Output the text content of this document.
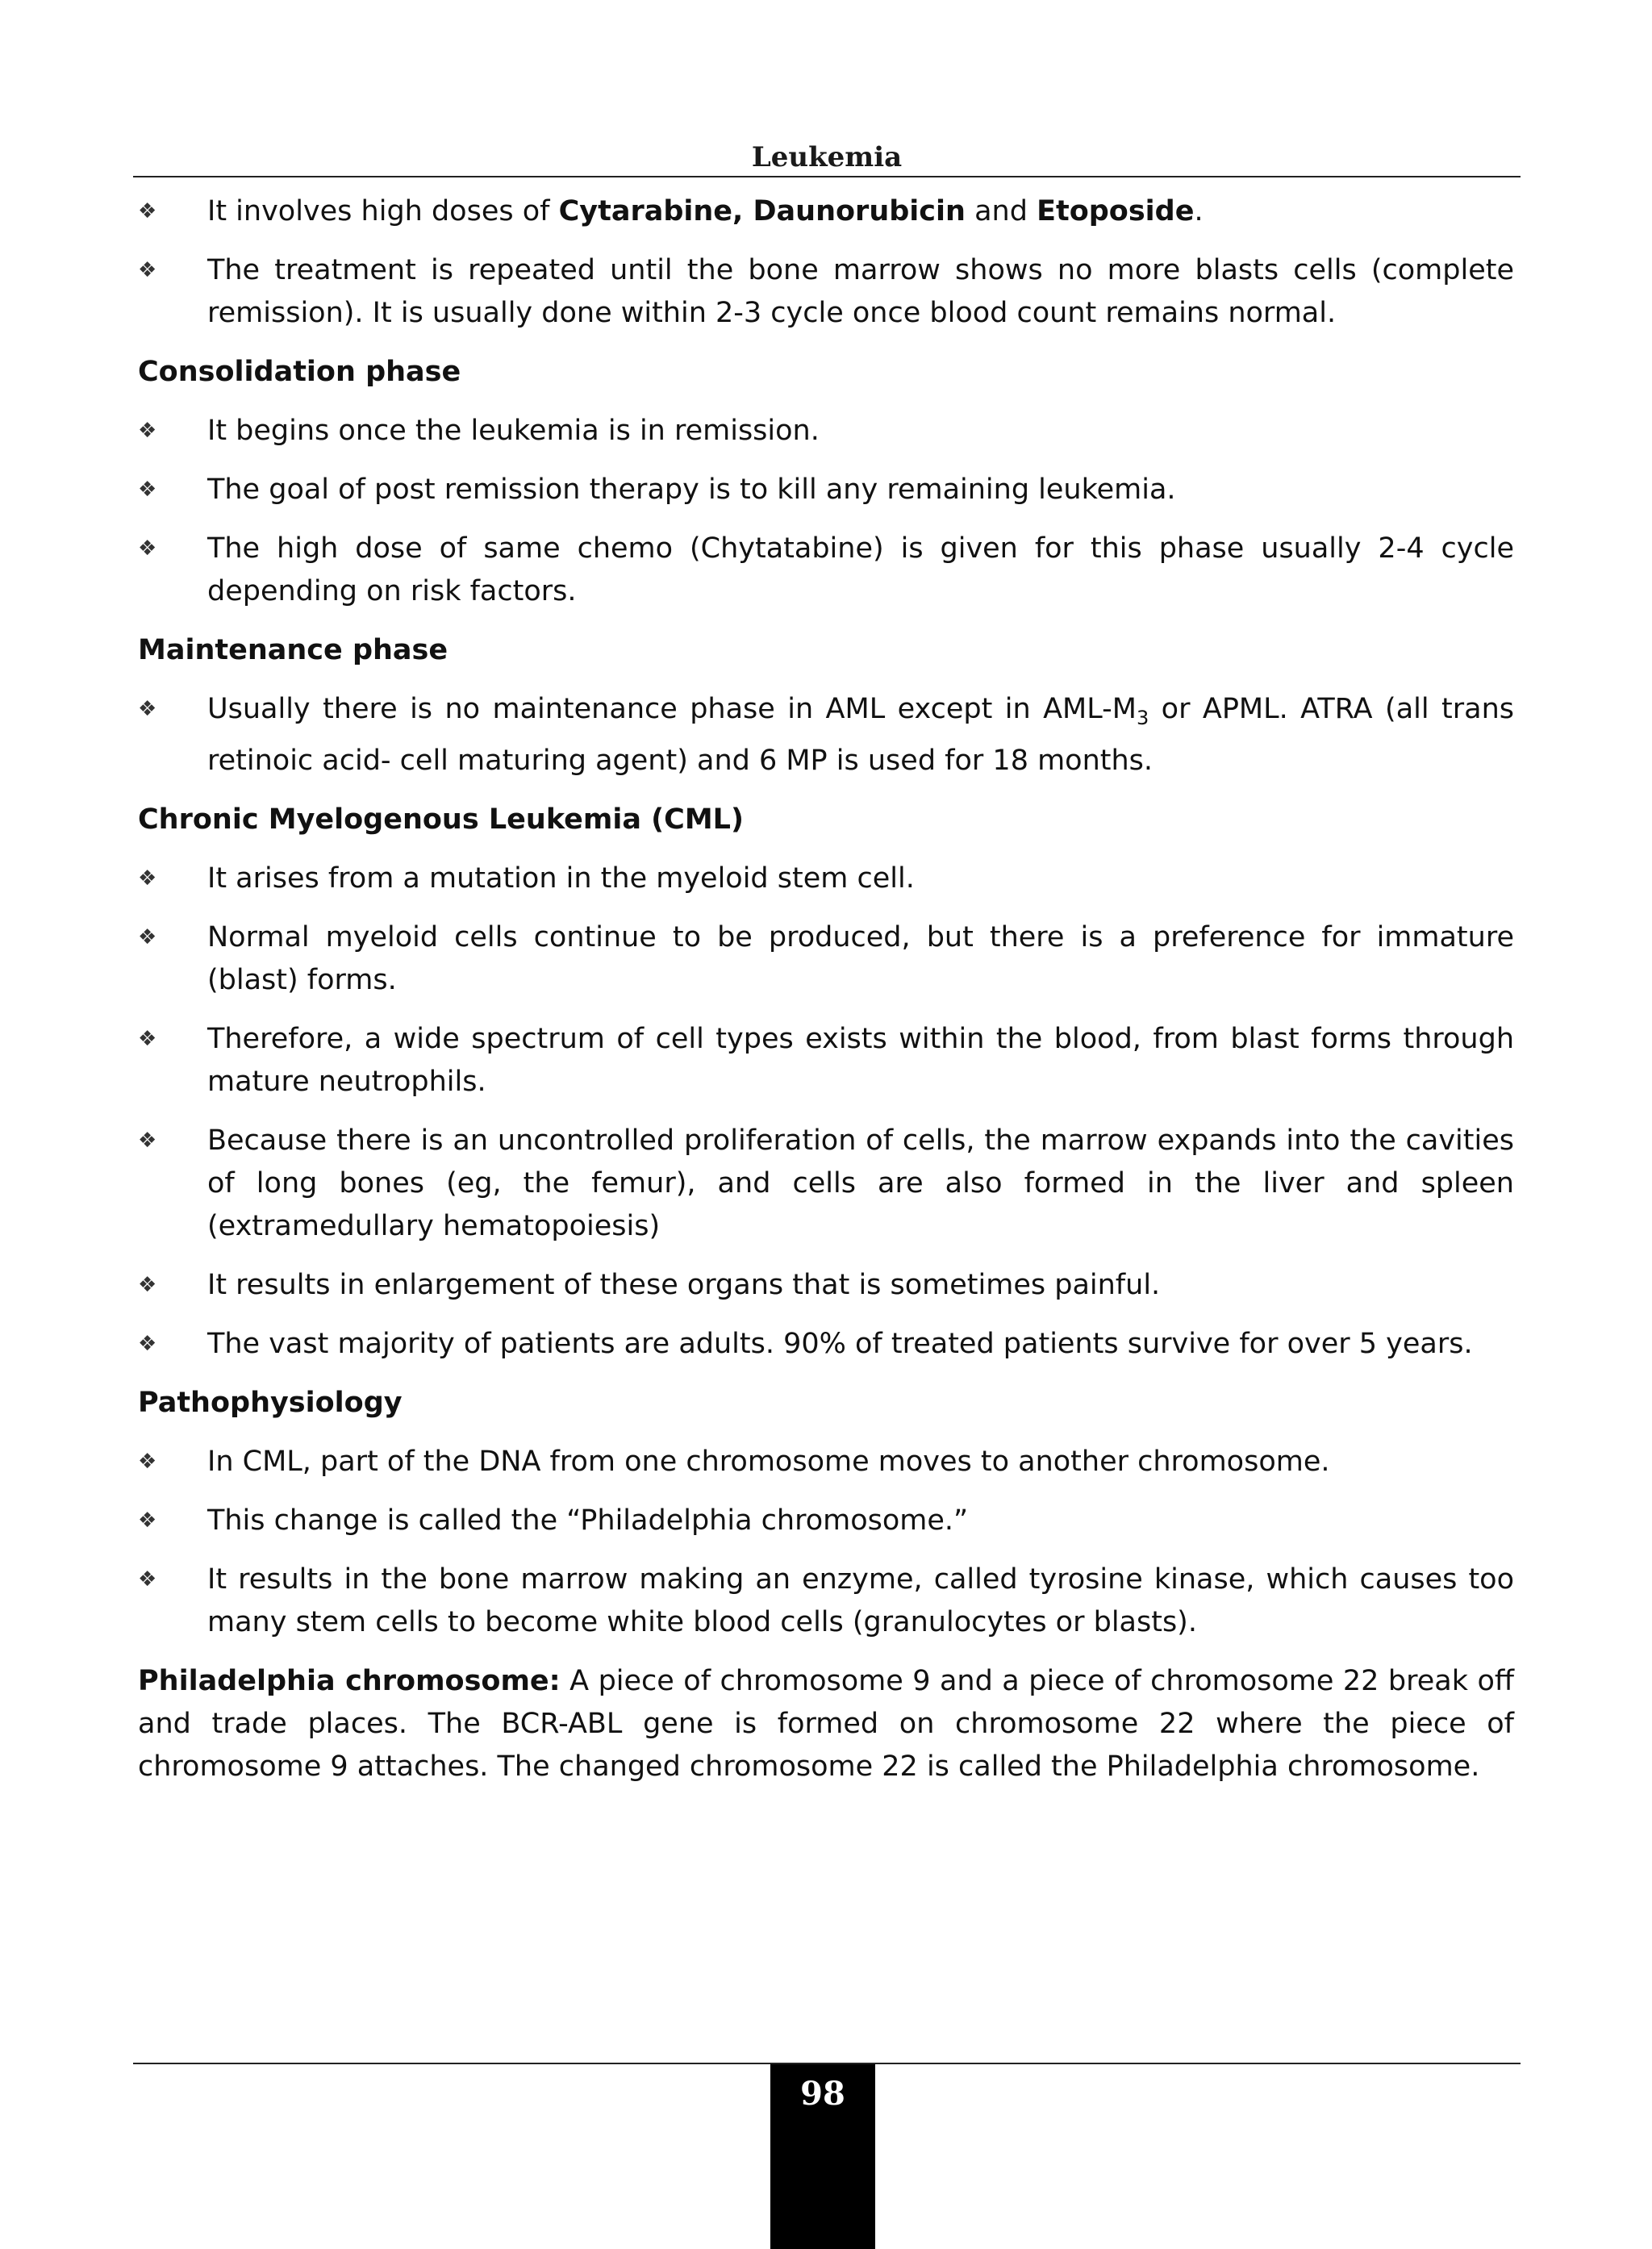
Leukemia
❖ It involves high doses of Cytarabine, Daunorubicin and Etoposide.
❖ The treatment is repeated until the bone marrow shows no more blasts cells (complete remission). It is usually done within 2-3 cycle once blood count remains normal.
Consolidation phase
❖ It begins once the leukemia is in remission.
❖ The goal of post remission therapy is to kill any remaining leukemia.
❖ The high dose of same chemo (Chytatabine) is given for this phase usually 2-4 cycle depending on risk factors.
Maintenance phase
❖ Usually there is no maintenance phase in AML except in AML-$M_3$ or APML. ATRA (all trans retinoic acid- cell maturing agent) and 6 MP is used for 18 months.
Chronic Myelogenous Leukemia (CML)
❖ It arises from a mutation in the myeloid stem cell.
❖ Normal myeloid cells continue to be produced, but there is a preference for immature (blast) forms.
❖ Therefore, a wide spectrum of cell types exists within the blood, from blast forms through mature neutrophils.
❖ Because there is an uncontrolled proliferation of cells, the marrow expands into the cavities of long bones (eg, the femur), and cells are also formed in the liver and spleen (extramedullary hematopoiesis)
❖ It results in enlargement of these organs that is sometimes painful.
❖ The vast majority of patients are adults. 90% of treated patients survive for over 5 years.
Pathophysiology
❖ In CML, part of the DNA from one chromosome moves to another chromosome.
❖ This change is called the “Philadelphia chromosome.”
❖ It results in the bone marrow making an enzyme, called tyrosine kinase, which causes too many stem cells to become white blood cells (granulocytes or blasts).
Philadelphia chromosome: A piece of chromosome 9 and a piece of chromosome 22 break off and trade places. The BCR-ABL gene is formed on chromosome 22 where the piece of chromosome 9 attaches. The changed chromosome 22 is called the Philadelphia chromosome.
98
